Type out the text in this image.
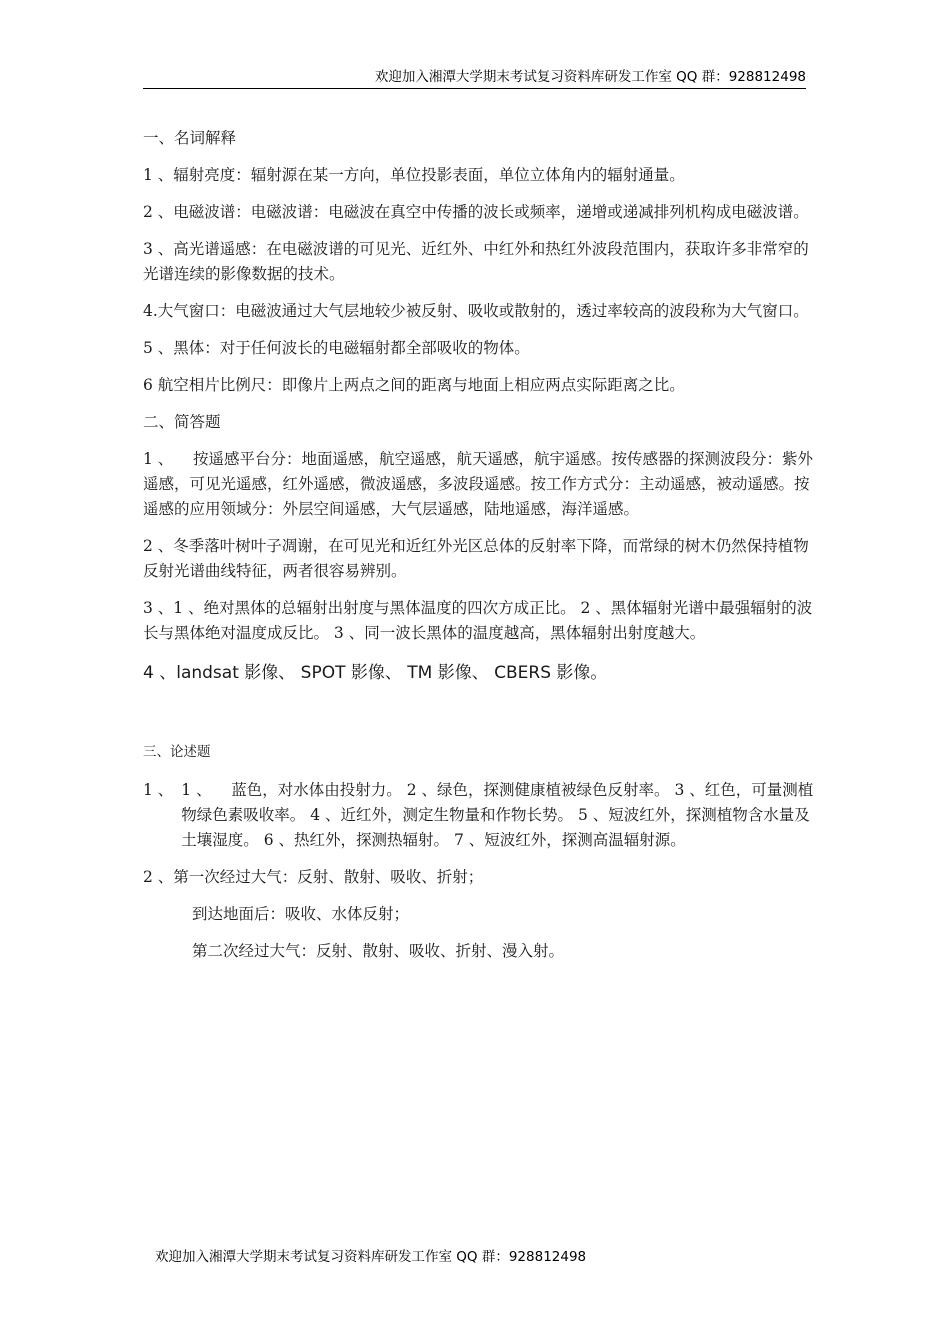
欢迎加入湘潭大学期末考试复习资料库研发工作室 QQ 群：928812498

一、名词解释

1 、辐射亮度：辐射源在某一方向，单位投影表面，单位立体角内的辐射通量。

2 、电磁波谱：电磁波谱：电磁波在真空中传播的波长或频率，递增或递减排列机构成电磁波谱。

3 、高光谱遥感：在电磁波谱的可见光、近红外、中红外和热红外波段范围内，获取许多非常窄的光谱连续的影像数据的技术。

4.大气窗口：电磁波通过大气层地较少被反射、吸收或散射的，透过率较高的波段称为大气窗口。

5 、黑体：对于任何波长的电磁辐射都全部吸收的物体。

6 航空相片比例尺：即像片上两点之间的距离与地面上相应两点实际距离之比。

二、简答题

1 、    按遥感平台分：地面遥感，航空遥感，航天遥感，航宇遥感。按传感器的探测波段分：紫外遥感，可见光遥感，红外遥感，微波遥感，多波段遥感。按工作方式分：主动遥感，被动遥感。按遥感的应用领域分：外层空间遥感，大气层遥感，陆地遥感，海洋遥感。

2 、冬季落叶树叶子凋谢，在可见光和近红外光区总体的反射率下降，而常绿的树木仍然保持植物反射光谱曲线特征，两者很容易辨别。

3 、1 、绝对黑体的总辐射出射度与黑体温度的四次方成正比。 2 、黑体辐射光谱中最强辐射的波长与黑体绝对温度成反比。 3 、同一波长黑体的温度越高，黑体辐射出射度越大。

4 、landsat 影像、 SPOT 影像、 TM 影像、 CBERS 影像。

三、论述题

1 、 1 、    蓝色，对水体由投射力。 2 、绿色，探测健康植被绿色反射率。 3 、红色，可量测植物绿色素吸收率。 4 、近红外，测定生物量和作物长势。 5 、短波红外，探测植物含水量及土壤湿度。 6 、热红外，探测热辐射。 7 、短波红外，探测高温辐射源。

2 、第一次经过大气：反射、散射、吸收、折射；

到达地面后：吸收、水体反射；

第二次经过大气：反射、散射、吸收、折射、漫入射。

欢迎加入湘潭大学期末考试复习资料库研发工作室 QQ 群：928812498
